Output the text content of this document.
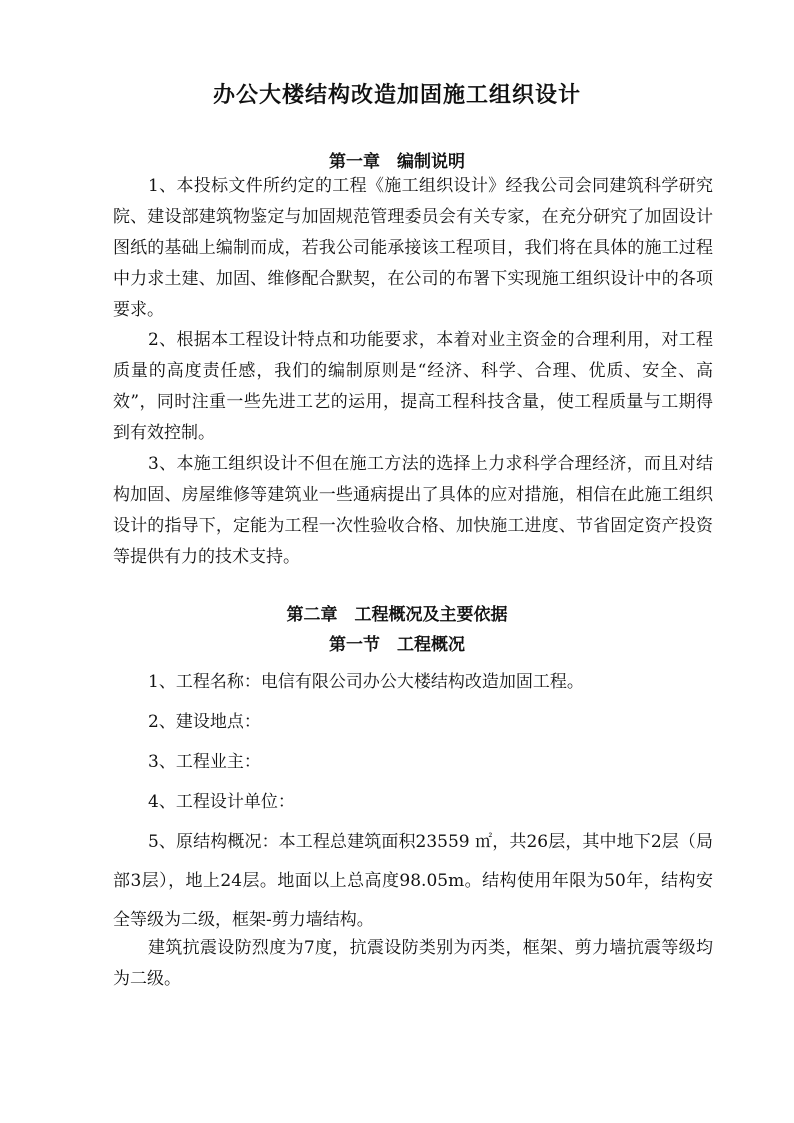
办公大楼结构改造加固施工组织设计
第一章　编制说明

1、本投标文件所约定的工程《施工组织设计》经我公司会同建筑科学研究院、建设部建筑物鉴定与加固规范管理委员会有关专家，在充分研究了加固设计图纸的基础上编制而成，若我公司能承接该工程项目，我们将在具体的施工过程中力求土建、加固、维修配合默契，在公司的布署下实现施工组织设计中的各项要求。

2、根据本工程设计特点和功能要求，本着对业主资金的合理利用，对工程质量的高度责任感，我们的编制原则是“经济、科学、合理、优质、安全、高效”，同时注重一些先进工艺的运用，提高工程科技含量，使工程质量与工期得到有效控制。

3、本施工组织设计不但在施工方法的选择上力求科学合理经济，而且对结构加固、房屋维修等建筑业一些通病提出了具体的应对措施，相信在此施工组织设计的指导下，定能为工程一次性验收合格、加快施工进度、节省固定资产投资等提供有力的技术支持。

第二章　工程概况及主要依据
第一节　工程概况
1、工程名称：电信有限公司办公大楼结构改造加固工程。
2、建设地点：
3、工程业主：
4、工程设计单位：

5、原结构概况：本工程总建筑面积23559 ㎡，共26层，其中地下2层（局部3层），地上24层。地面以上总高度98.05m。结构使用年限为50年，结构安全等级为二级，框架-剪力墙结构。

建筑抗震设防烈度为7度，抗震设防类别为丙类，框架、剪力墙抗震等级均为二级。
